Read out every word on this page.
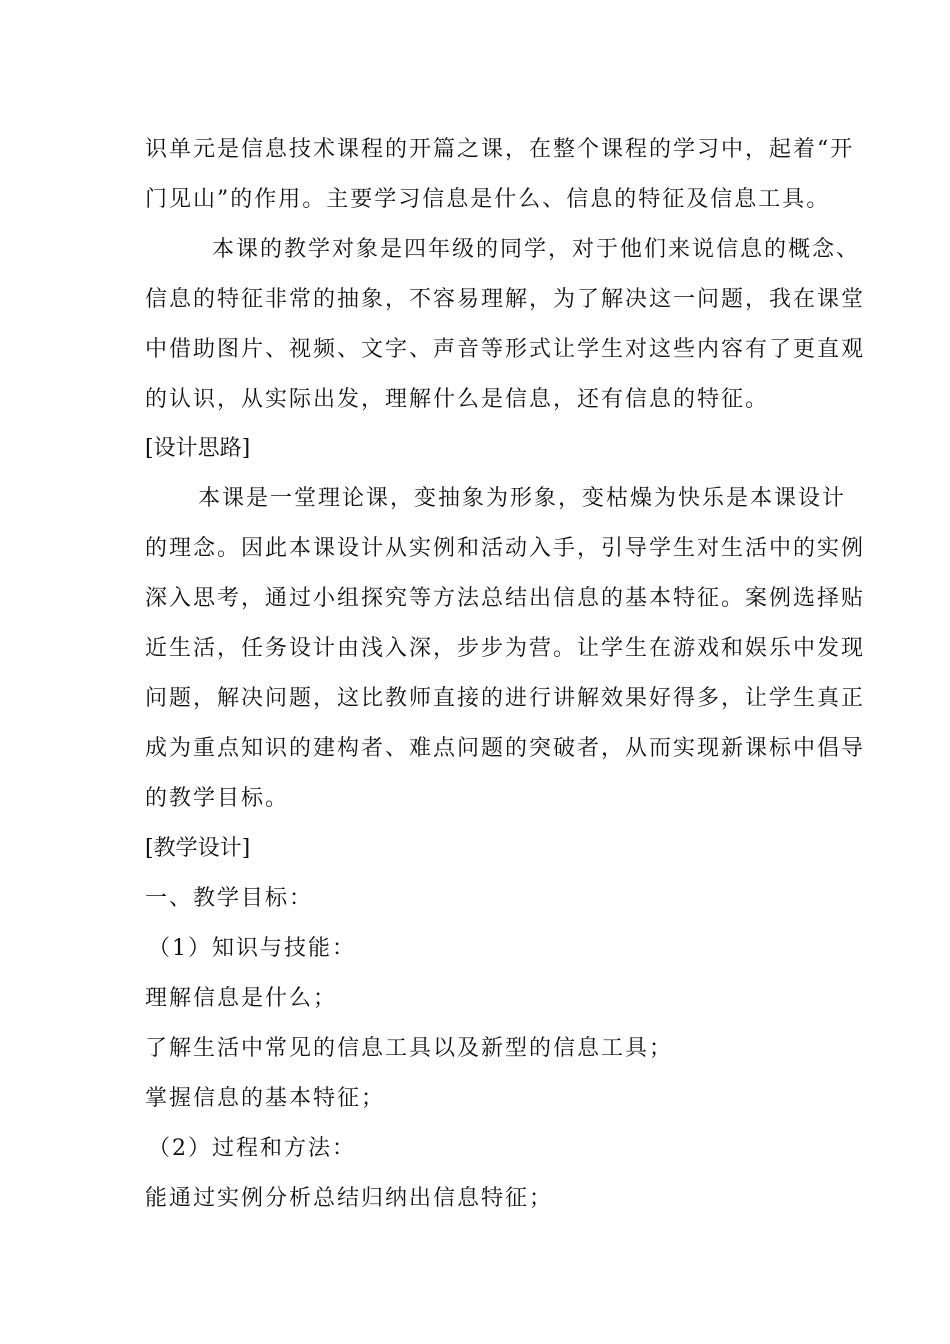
识单元是信息技术课程的开篇之课，在整个课程的学习中，起着“开
门见山”的作用。主要学习信息是什么、信息的特征及信息工具。
本课的教学对象是四年级的同学，对于他们来说信息的概念、
信息的特征非常的抽象，不容易理解，为了解决这一问题，我在课堂
中借助图片、视频、文字、声音等形式让学生对这些内容有了更直观
的认识，从实际出发，理解什么是信息，还有信息的特征。
[设计思路]
本课是一堂理论课，变抽象为形象，变枯燥为快乐是本课设计
的理念。因此本课设计从实例和活动入手，引导学生对生活中的实例
深入思考，通过小组探究等方法总结出信息的基本特征。案例选择贴
近生活，任务设计由浅入深，步步为营。让学生在游戏和娱乐中发现
问题，解决问题，这比教师直接的进行讲解效果好得多，让学生真正
成为重点知识的建构者、难点问题的突破者，从而实现新课标中倡导
的教学目标。
[教学设计]
一、教学目标：
（1）知识与技能：
理解信息是什么；
了解生活中常见的信息工具以及新型的信息工具；
掌握信息的基本特征；
（2）过程和方法：
能通过实例分析总结归纳出信息特征；
